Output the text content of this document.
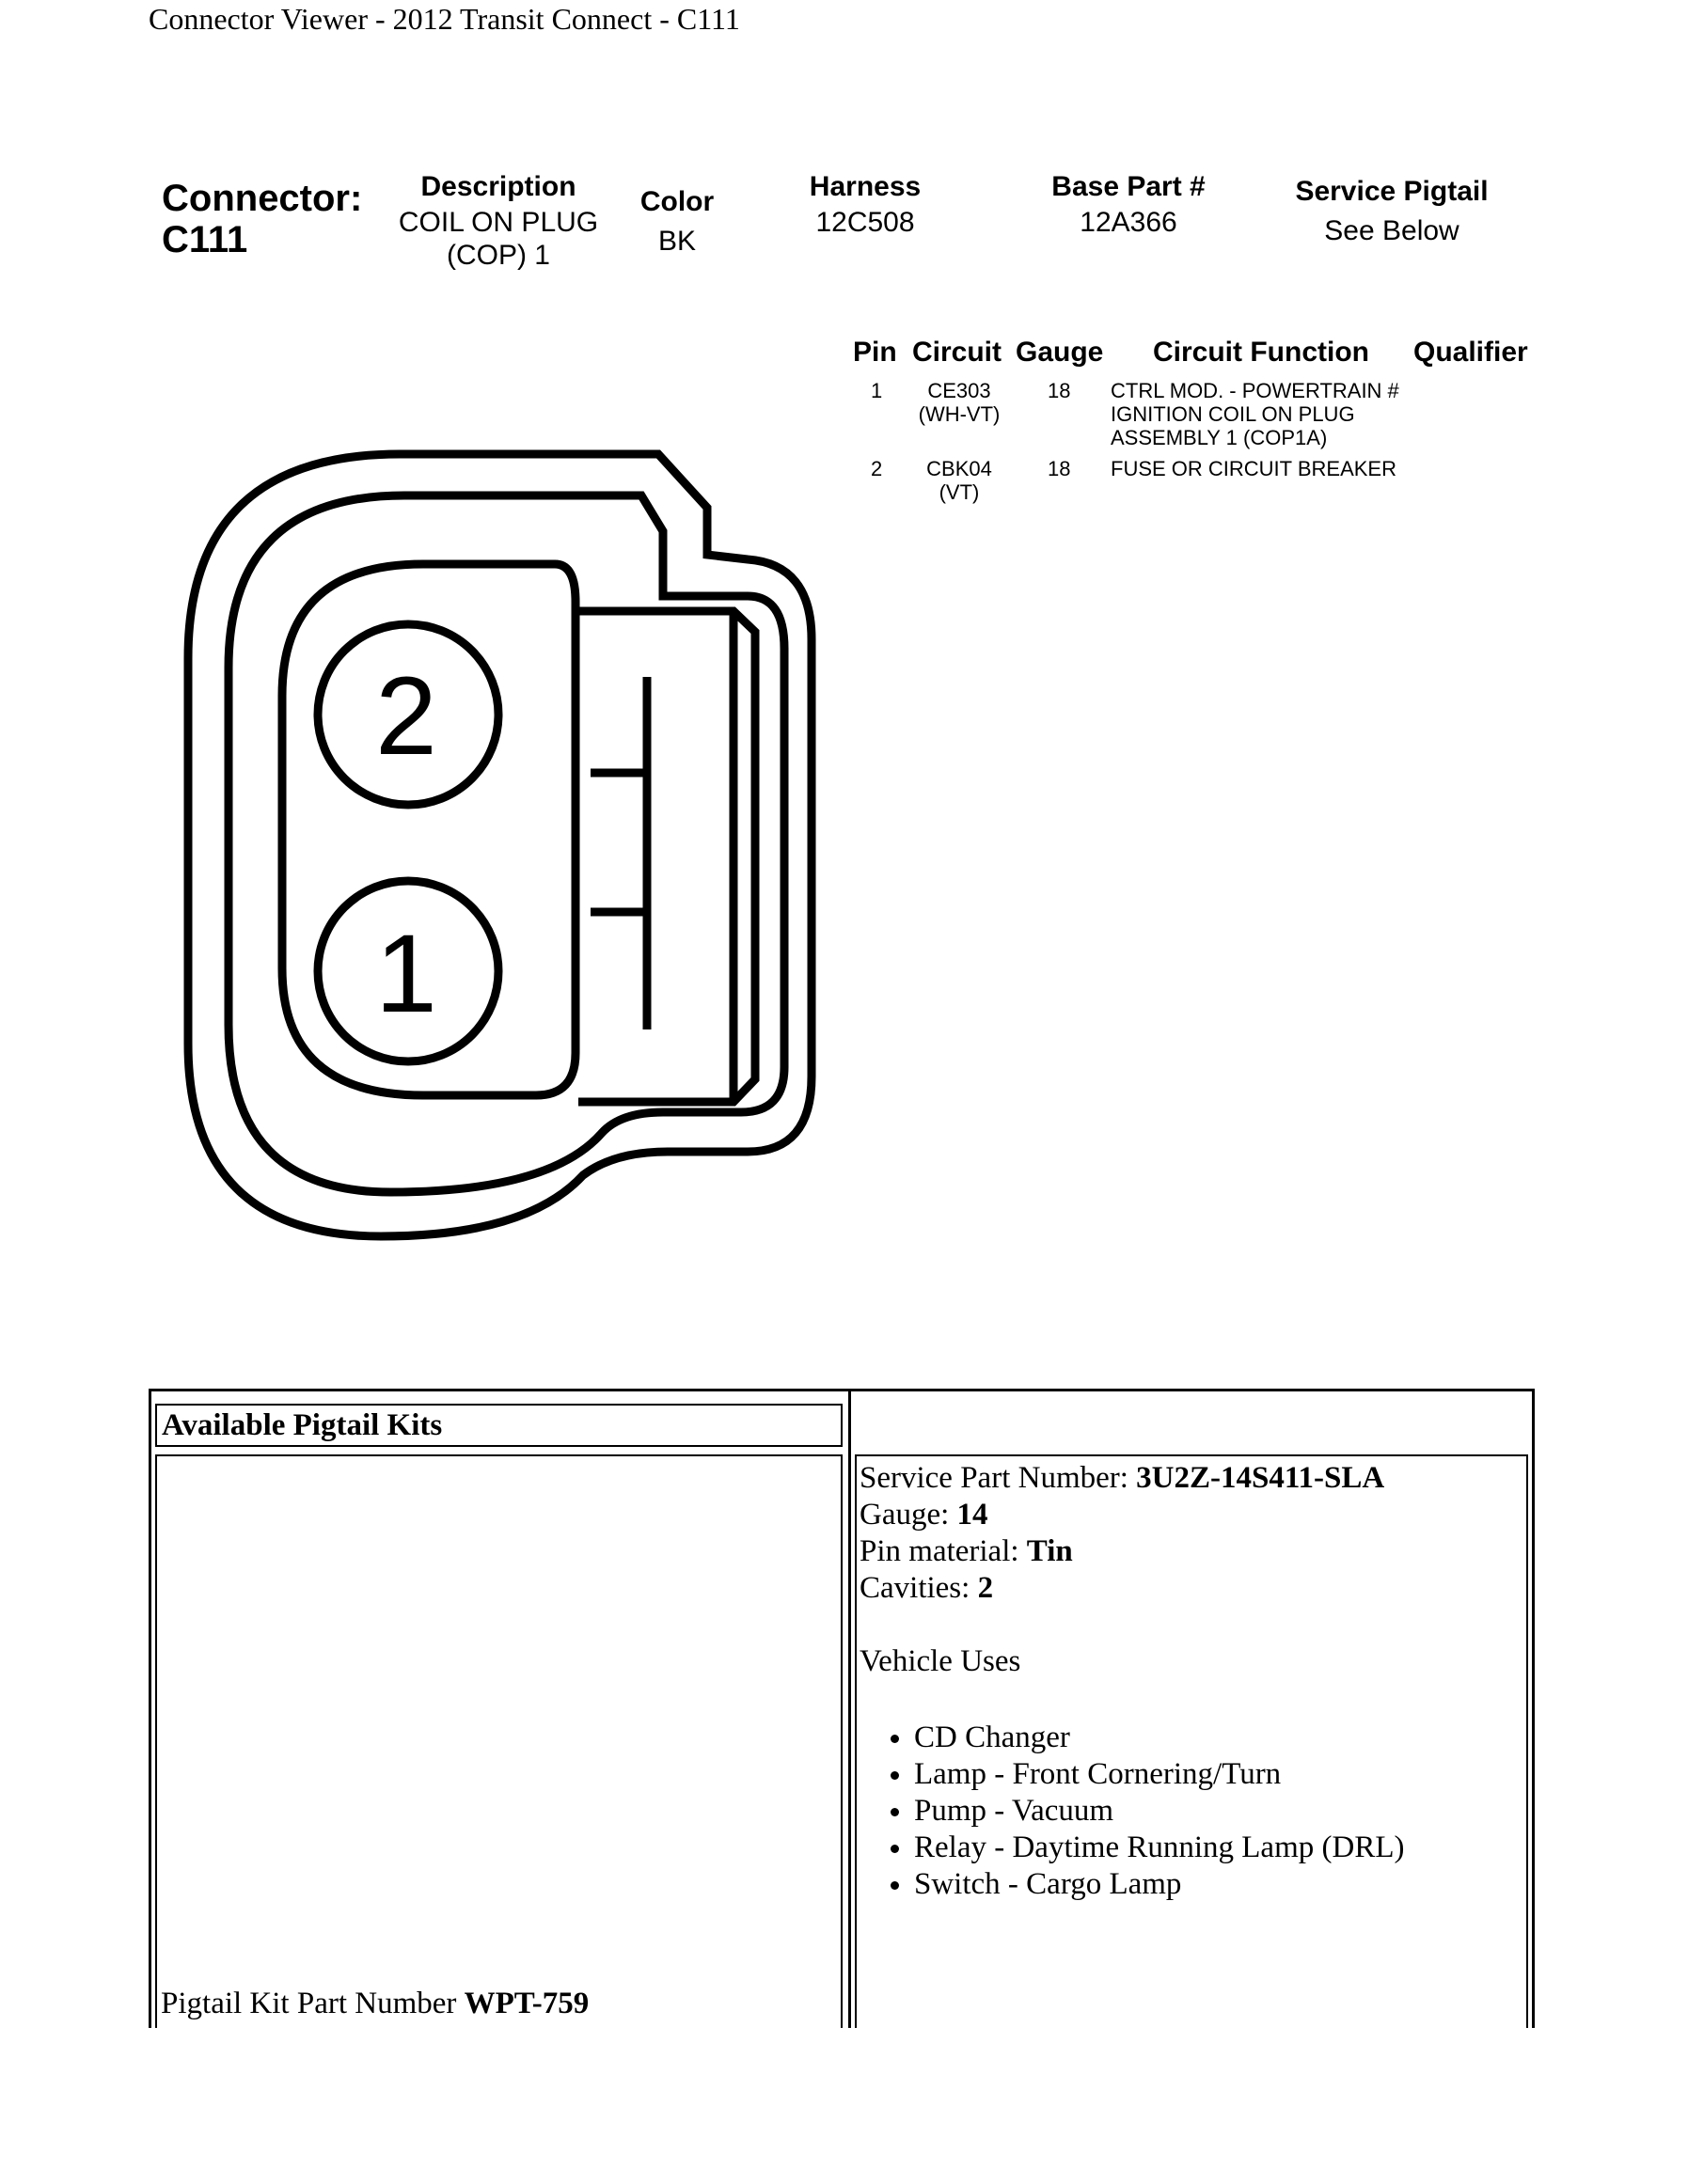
Connector Viewer - 2012 Transit Connect - C111
Connector:
C111
Description
COIL ON PLUG
(COP) 1
Color
BK
Harness
12C508
Base Part #
12A366
Service Pigtail
See Below
Pin Circuit Gauge Circuit Function Qualifier
1	CE303
(WH-VT)
18 CTRL MOD. - POWERTRAIN #
IGNITION COIL ON PLUG
ASSEMBLY 1 (COP1A)
2	CBK04
(VT)
18 FUSE OR CIRCUIT BREAKER
2
1
Available Pigtail Kits
Pigtail Kit Part Number WPT-759
Service Part Number: 3U2Z-14S411-SLA
Gauge: 14
Pin material: Tin
Cavities: 2
Vehicle Uses
• CD Changer
• Lamp - Front Cornering/Turn
• Pump - Vacuum
• Relay - Daytime Running Lamp (DRL)
• Switch - Cargo Lamp
